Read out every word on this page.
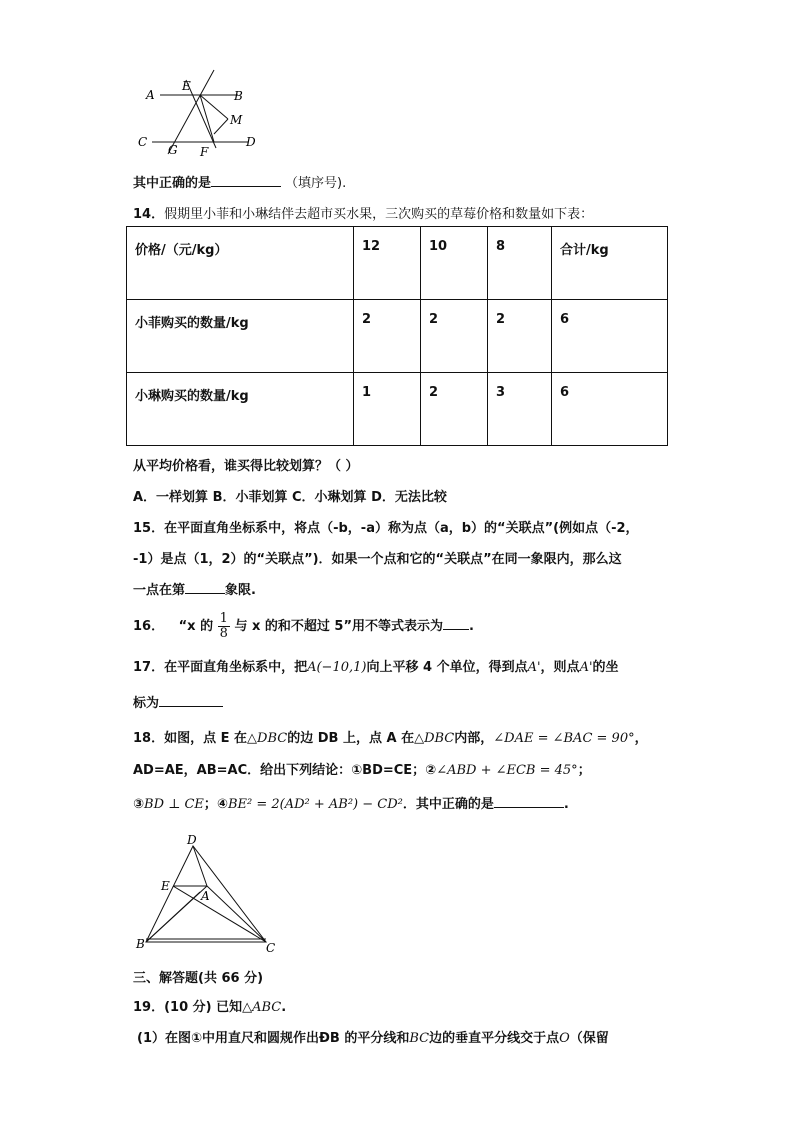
A
E
B
M
C
G F
D
其中正确的是	（填序号).
14．假期里小菲和小琳结伴去超市买水果，三次购买的草莓价格和数量如下表：
价格/（元/kg）	12	10	8	合计/kg
小菲购买的数量/kg	2	2	2	6
小琳购买的数量/kg	1	2	3	6
从平均价格看，谁买得比较划算？（ ）
A．一样划算 B．小菲划算 C．小琳划算 D．无法比较
15．在平面直角坐标系中，将点（-b，-a）称为点（a，b）的“关联点”(例如点（-2，
-1）是点（1，2）的“关联点”)．如果一个点和它的“关联点”在同一象限内，那么这
一点在第	象限.
16． “x 的 $\frac{1}{8}$ 与 x 的和不超过 5”用不等式表示为 .
17．在平面直角坐标系中，把A(−10,1)向上平移 4 个单位，得到点A'，则点A'的坐
标为
18．如图，点 E 在△DBC的边 DB 上，点 A 在△DBC内部，∠DAE = ∠BAC = 90°，
AD=AE，AB=AC．给出下列结论：①BD=CE；②∠ABD + ∠ECB = 45°；
③BD ⊥ CE；④BE² = 2(AD² + AB²) − CD²．其中正确的是	.
D
E
A
B	C
三、解答题(共 66 分)
19．(10 分) 已知△ABC.
(1）在图①中用直尺和圆规作出ÐB 的平分线和BC边的垂直平分线交于点O（保留
